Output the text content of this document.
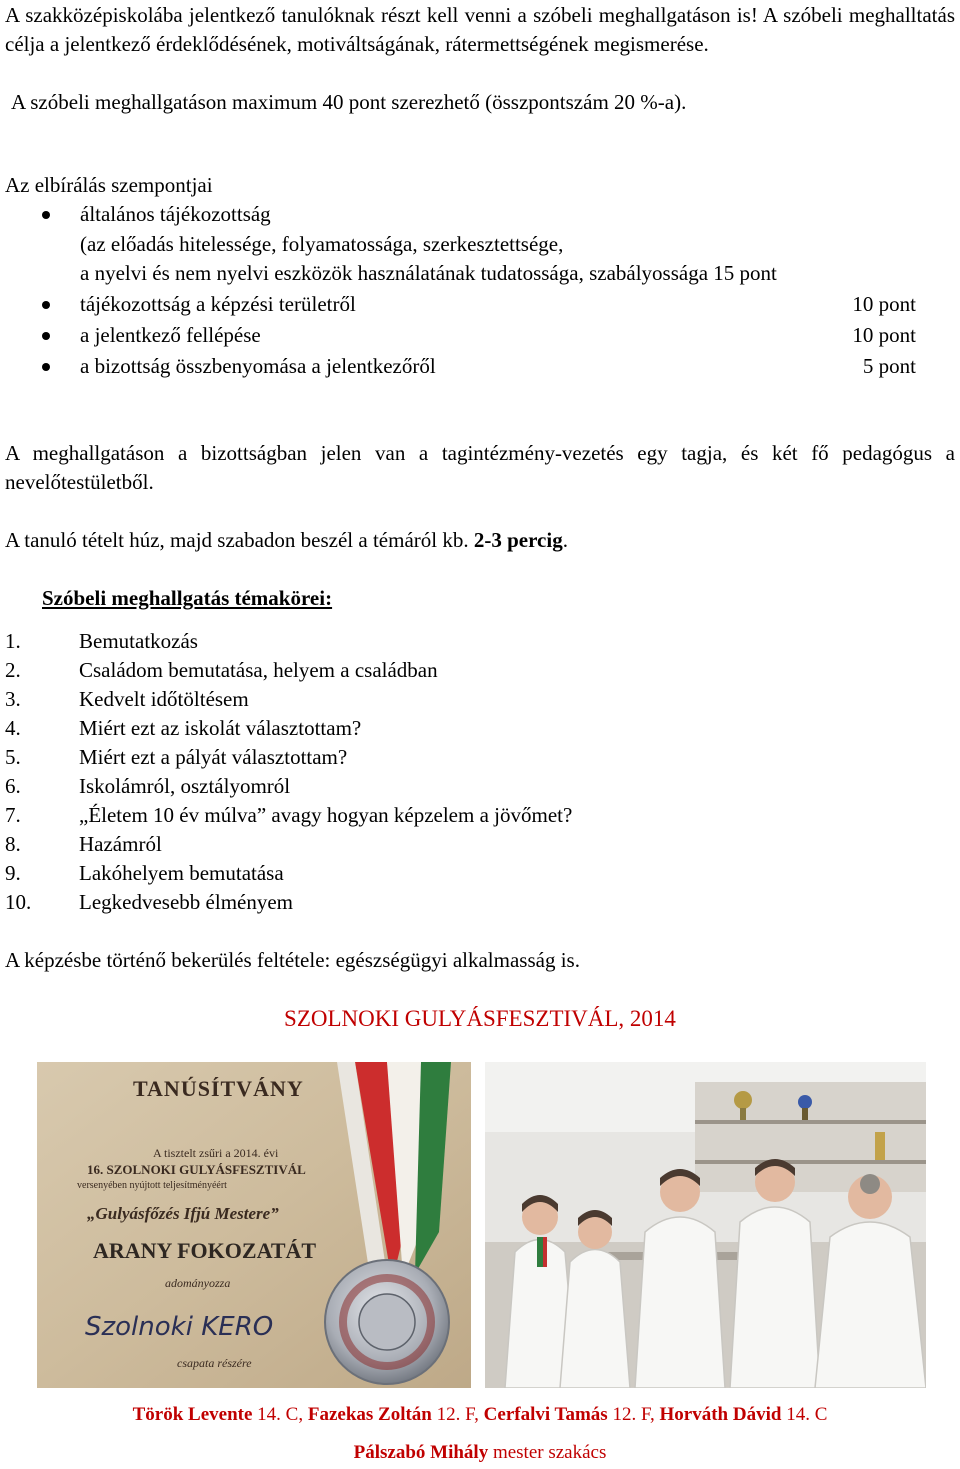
A szakközépiskolába jelentkező tanulóknak részt kell venni a szóbeli meghallgatáson is! A szóbeli meghalltatás célja a jelentkező érdeklődésének, motiváltságának, rátermettségének megismerése.
A szóbeli meghallgatáson maximum 40 pont szerezhető (összpontszám 20 %-a).
Az elbírálás szempontjai
általános tájékozottság
(az előadás hitelessége, folyamatossága, szerkesztettsége,
a nyelvi és nem nyelvi eszközök használatának tudatossága, szabályossága 15 pont
tájékozottság a képzési területről	10 pont
a jelentkező fellépése	10 pont
a bizottság összbenyomása a jelentkezőről	5 pont
A meghallgatáson a bizottságban jelen van a tagintézmény-vezetés egy tagja, és két fő pedagógus a nevelőtestületből.
A tanuló tételt húz, majd szabadon beszél a témáról kb. 2-3 percig.
Szóbeli meghallgatás témakörei:
1.	Bemutatkozás
2.	Családom bemutatása, helyem a családban
3.	Kedvelt időtöltésem
4.	Miért ezt az iskolát választottam?
5.	Miért ezt a pályát választottam?
6.	Iskolámról, osztályomról
7.	„Életem 10 év múlva” avagy hogyan képzelem a jövőmet?
8.	Hazámról
9.	Lakóhelyem bemutatása
10. Legkedvesebb élményem
A képzésbe történő bekerülés feltétele: egészségügyi alkalmasság is.
SZOLNOKI GULYÁSFESZTIVÁL, 2014
TANÚSÍTVÁNY
A tisztelt zsűri a 2014. évi
16. SZOLNOKI GULYÁSFESZTIVÁL
versenyében nyújtott teljesítményéért
„Gulyásfőzés Ifjú Mestere”
ARANY FOKOZATÁT
adományozza
Szolnoki KERO
csapata részére
Török Levente 14. C, Fazekas Zoltán 12. F, Cerfalvi Tamás 12. F, Horváth Dávid 14. C
Pálszabó Mihály mester szakács
